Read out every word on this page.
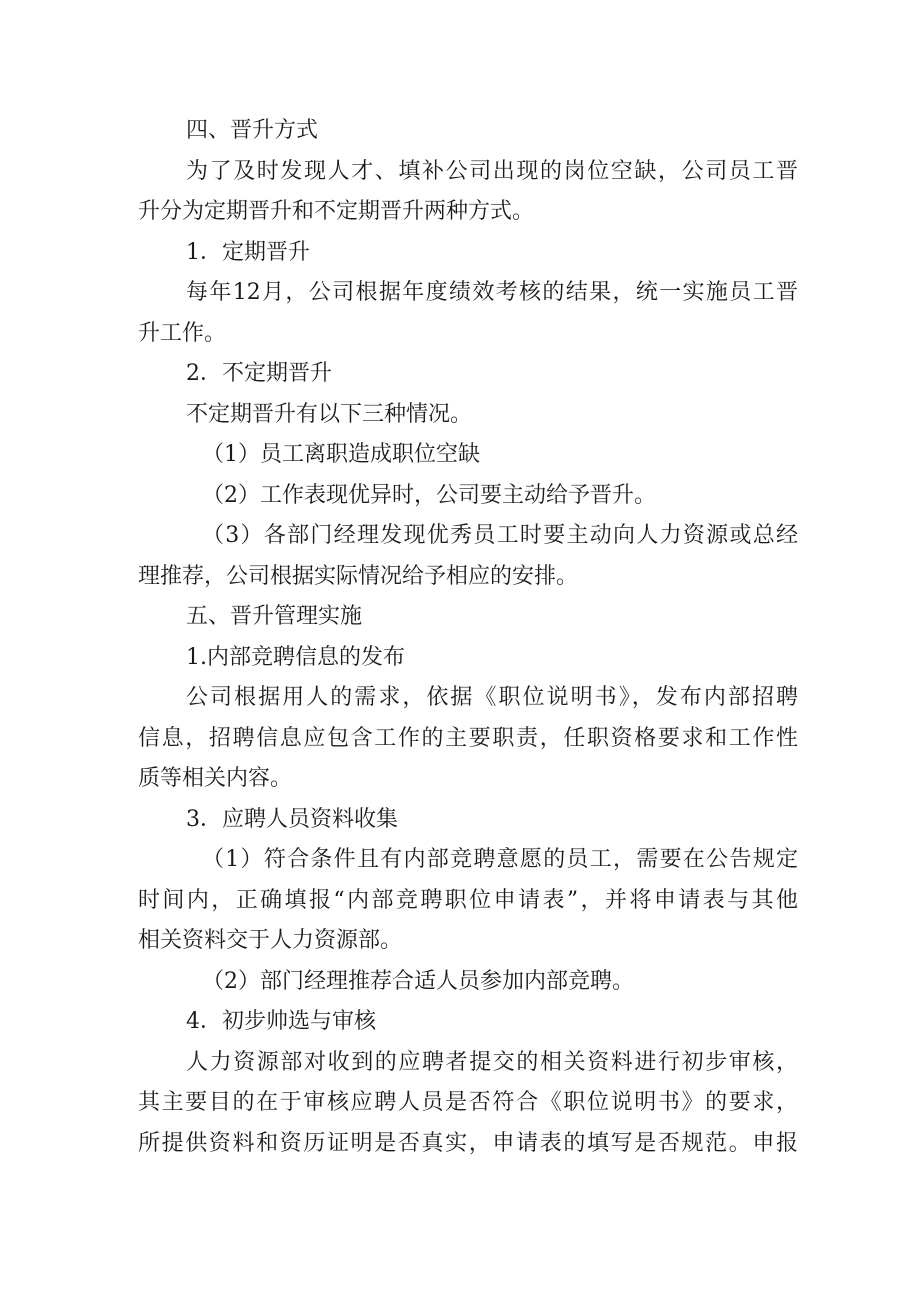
四、晋升方式
为了及时发现人才、填补公司出现的岗位空缺，公司员工晋
升分为定期晋升和不定期晋升两种方式。
1．定期晋升
每年12月，公司根据年度绩效考核的结果，统一实施员工晋
升工作。
2．不定期晋升
不定期晋升有以下三种情况。
（1）员工离职造成职位空缺
（2）工作表现优异时，公司要主动给予晋升。
（3）各部门经理发现优秀员工时要主动向人力资源或总经
理推荐，公司根据实际情况给予相应的安排。
五、晋升管理实施
1.内部竞聘信息的发布
公司根据用人的需求，依据《职位说明书》，发布内部招聘
信息，招聘信息应包含工作的主要职责，任职资格要求和工作性
质等相关内容。
3．应聘人员资料收集
（1）符合条件且有内部竞聘意愿的员工，需要在公告规定
时间内，正确填报“内部竞聘职位申请表”，并将申请表与其他
相关资料交于人力资源部。
（2）部门经理推荐合适人员参加内部竞聘。
4．初步帅选与审核
人力资源部对收到的应聘者提交的相关资料进行初步审核，
其主要目的在于审核应聘人员是否符合《职位说明书》的要求，
所提供资料和资历证明是否真实，申请表的填写是否规范。申报
